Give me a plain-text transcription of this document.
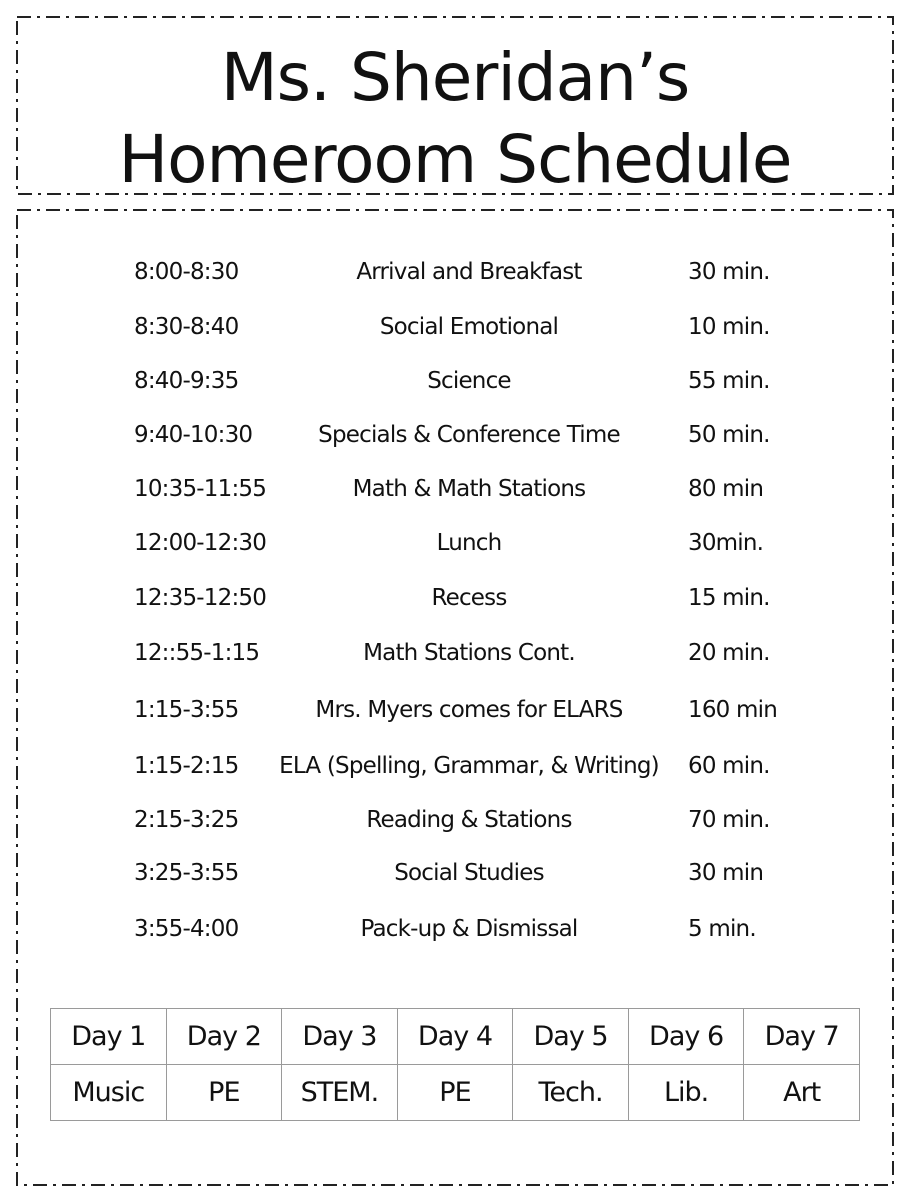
Ms. Sheridan’s
Homeroom Schedule
8:00-8:30	Arrival and Breakfast	30 min.
8:30-8:40	Social Emotional	10 min.
8:40-9:35	Science	55 min.
9:40-10:30	Specials & Conference Time	50 min.
10:35-11:55	Math & Math Stations	80 min
12:00-12:30	Lunch	30min.
12:35-12:50	Recess	15 min.
12::55-1:15	Math Stations Cont.	20 min.
1:15-3:55	Mrs. Myers comes for ELARS	160 min
1:15-2:15	ELA (Spelling, Grammar, & Writing)	60 min.
2:15-3:25	Reading & Stations	70 min.
3:25-3:55	Social Studies	30 min
3:55-4:00	Pack-up & Dismissal	5 min.
Day 1	Day 2	Day 3	Day 4	Day 5	Day 6	Day 7
Music	PE	STEM.	PE	Tech.	Lib.	Art
